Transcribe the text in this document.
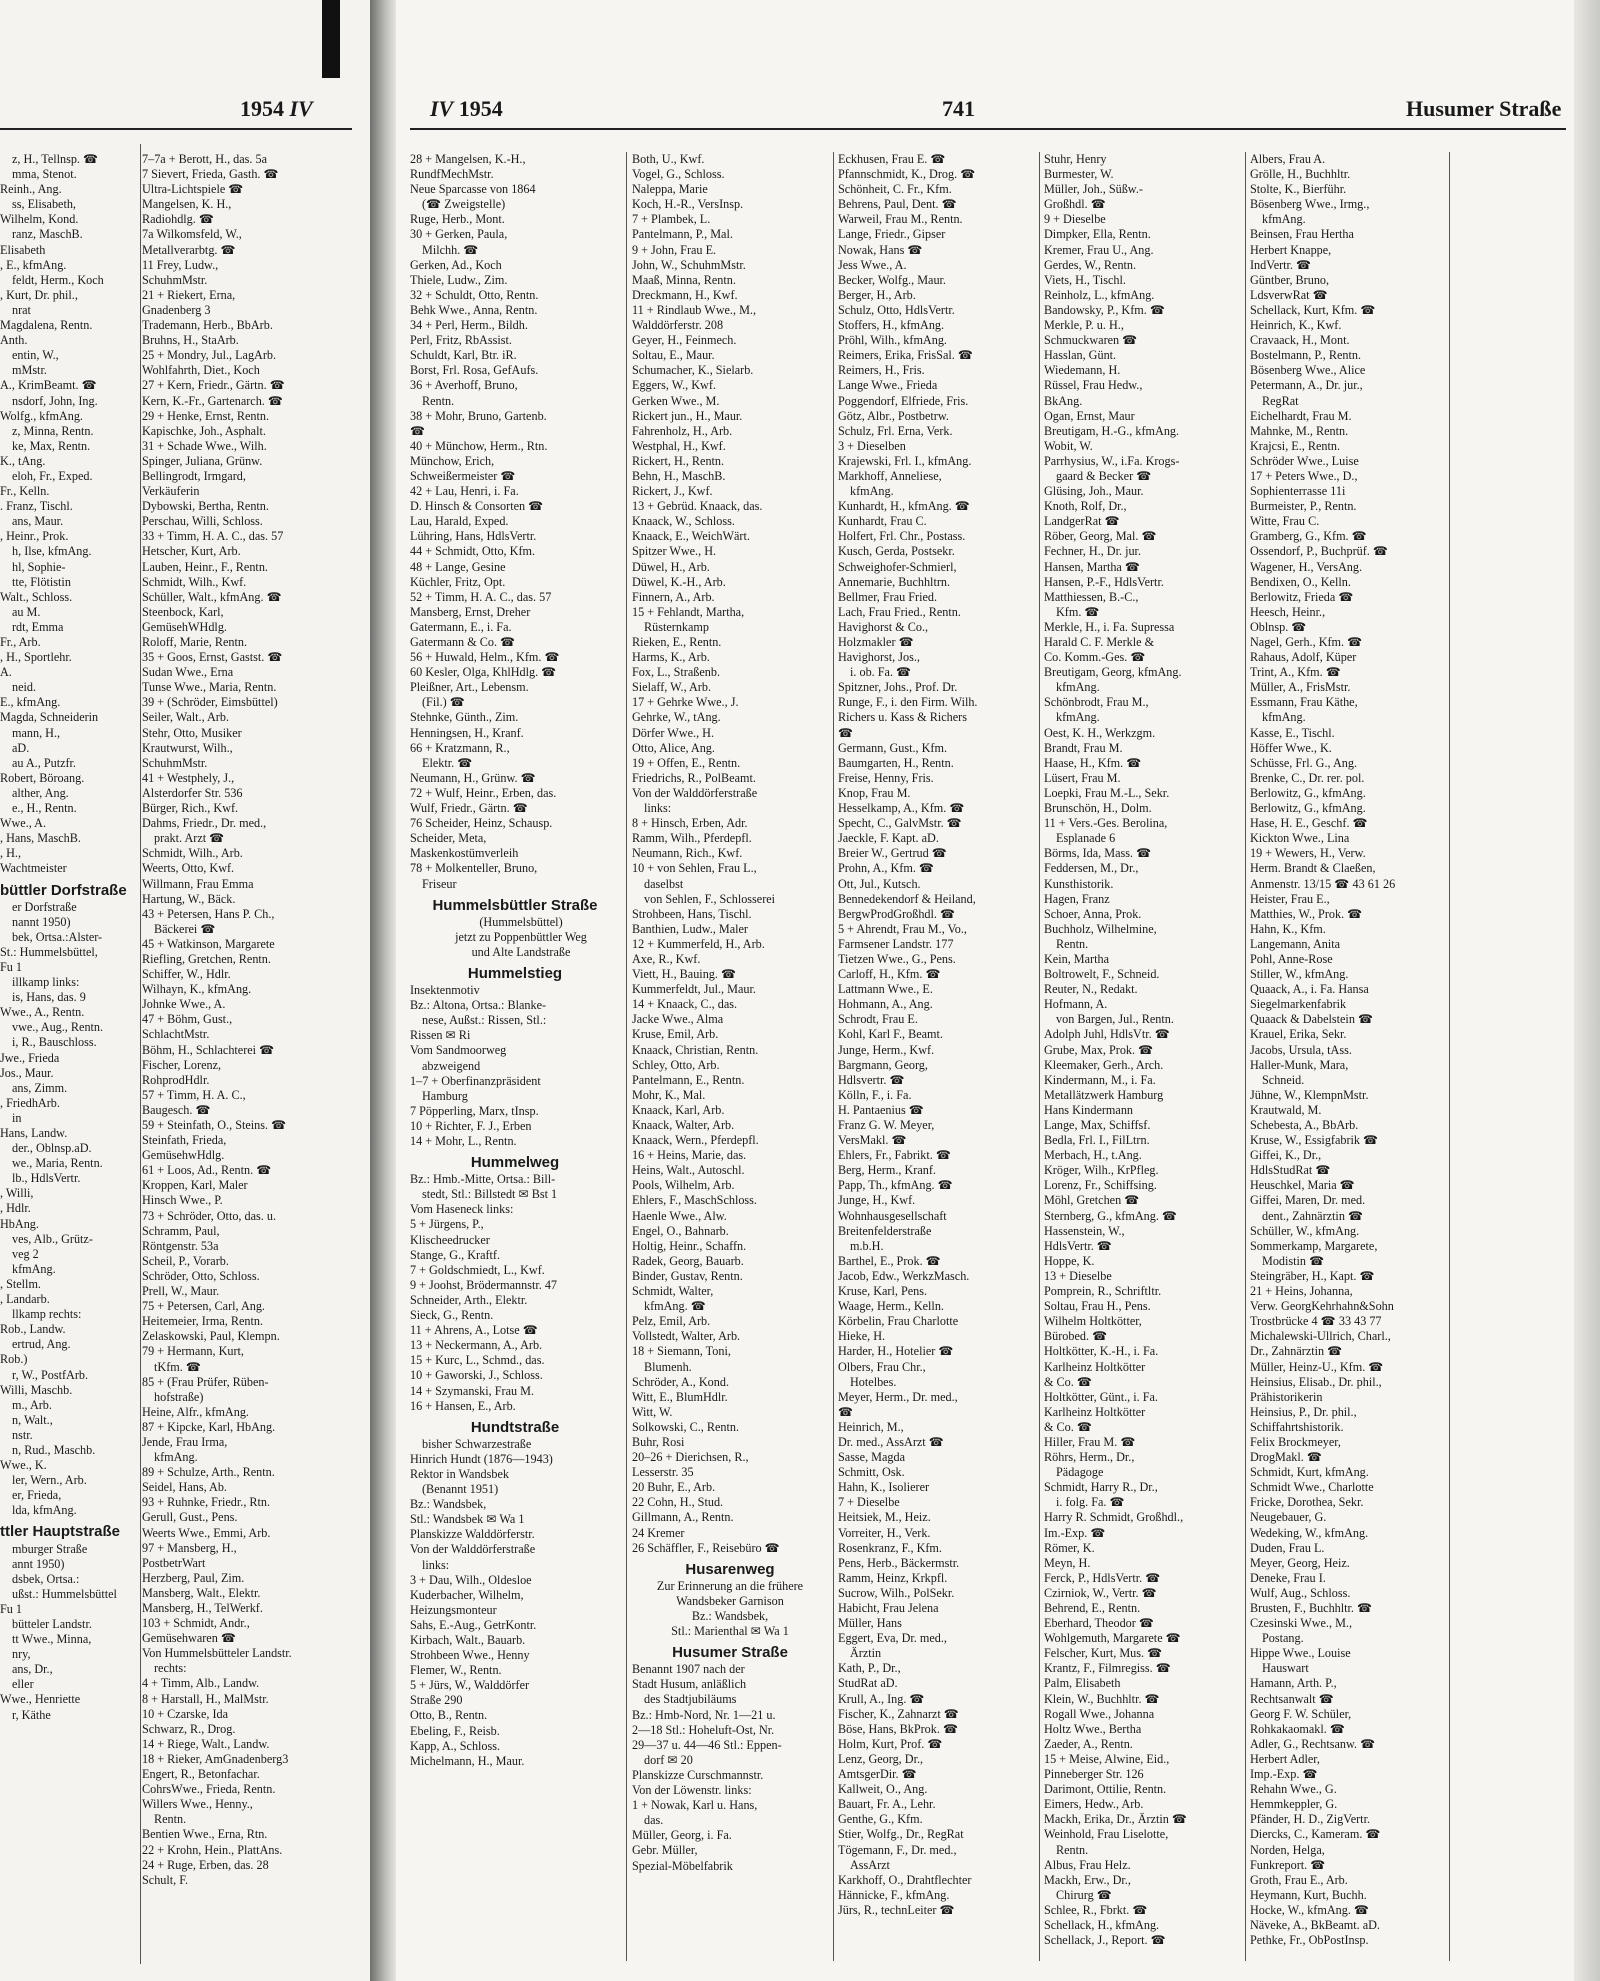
1954 IV
z, H., Tellnsp. ☎
mma, Stenot.
Reinh., Ang.
ss, Elisabeth,
Wilhelm, Kond.
ranz, MaschB.
Elisabeth
, E., kfmAng.
feldt, Herm., Koch
, Kurt, Dr. phil.,
nrat
Magdalena, Rentn.
Anth.
entin, W.,
mMstr.
A., KrimBeamt. ☎
nsdorf, John, Ing.
Wolfg., kfmAng.
z, Minna, Rentn.
ke, Max, Rentn.
K., tAng.
eloh, Fr., Exped.
Fr., Kelln.
. Franz, Tischl.
ans, Maur.
, Heinr., Prok.
h, Ilse, kfmAng.
hl, Sophie-
tte, Flötistin
Walt., Schloss.
au M.
rdt, Emma
Fr., Arb.
, H., Sportlehr.
A.
neid.
E., kfmAng.
Magda, Schneiderin
mann, H.,
aD.
au A., Putzfr.
Robert, Böroang.
alther, Ang.
e., H., Rentn.
Wwe., A.
, Hans, MaschB.
, H.,
Wachtmeister
büttler Dorfstraße
er Dorfstraße
nannt 1950)
bek, Ortsa.:Alster-
St.: Hummelsbüttel,
Fu 1
illkamp links:
is, Hans, das. 9
Wwe., A., Rentn.
vwe., Aug., Rentn.
i, R., Bauschloss.
Jwe., Frieda
Jos., Maur.
ans, Zimm.
, FriedhArb.
in
Hans, Landw.
der., Oblnsp.aD.
we., Maria, Rentn.
lb., HdlsVertr.
, Willi,
, Hdlr.
HbAng.
ves, Alb., Grütz-
veg 2
kfmAng.
, Stellm.
, Landarb.
llkamp rechts:
Rob., Landw.
ertrud, Ang.
Rob.)
r, W., PostfArb.
Willi, Maschb.
m., Arb.
n, Walt.,
nstr.
n, Rud., Maschb.
Wwe., K.
ler, Wern., Arb.
er, Frieda,
lda, kfmAng.
ttler Hauptstraße
mburger Straße
annt 1950)
dsbek, Ortsa.:
ußst.: Hummelsbüttel
Fu 1
bütteler Landstr.
tt Wwe., Minna,
nry,
ans, Dr.,
eller
Wwe., Henriette
r, Käthe
7–7a + Berott, H., das. 5a
7 Sievert, Frieda, Gasth. ☎
Ultra-Lichtspiele ☎
Mangelsen, K. H.,
Radiohdlg. ☎
7a Wilkomsfeld, W.,
Metallverarbtg. ☎
11 Frey, Ludw.,
SchuhmMstr.
21 + Riekert, Erna,
Gnadenberg 3
Trademann, Herb., BbArb.
Bruhns, H., StaArb.
25 + Mondry, Jul., LagArb.
Wohlfahrth, Diet., Koch
27 + Kern, Friedr., Gärtn. ☎
Kern, K.-Fr., Gartenarch. ☎
29 + Henke, Ernst, Rentn.
Kapischke, Joh., Asphalt.
31 + Schade Wwe., Wilh.
Spinger, Juliana, Grünw.
Bellingrodt, Irmgard,
Verkäuferin
Dybowski, Bertha, Rentn.
Perschau, Willi, Schloss.
33 + Timm, H. A. C., das. 57
Hetscher, Kurt, Arb.
Lauben, Heinr., F., Rentn.
Schmidt, Wilh., Kwf.
Schüller, Walt., kfmAng. ☎
Steenbock, Karl,
GemüsehWHdlg.
Roloff, Marie, Rentn.
35 + Goos, Ernst, Gastst. ☎
Sudan Wwe., Erna
Tunse Wwe., Maria, Rentn.
39 + (Schröder, Eimsbüttel)
Seiler, Walt., Arb.
Stehr, Otto, Musiker
Krautwurst, Wilh.,
SchuhmMstr.
41 + Westphely, J.,
Alsterdorfer Str. 536
Bürger, Rich., Kwf.
Dahms, Friedr., Dr. med.,
prakt. Arzt ☎
Schmidt, Wilh., Arb.
Weerts, Otto, Kwf.
Willmann, Frau Emma
Hartung, W., Bäck.
43 + Petersen, Hans P. Ch.,
Bäckerei ☎
45 + Watkinson, Margarete
Riefling, Gretchen, Rentn.
Schiffer, W., Hdlr.
Wilhayn, K., kfmAng.
Johnke Wwe., A.
47 + Böhm, Gust.,
SchlachtMstr.
Böhm, H., Schlachterei ☎
Fischer, Lorenz,
RohprodHdlr.
57 + Timm, H. A. C.,
Baugesch. ☎
59 + Steinfath, O., Steins. ☎
Steinfath, Frieda,
GemüsehwHdlg.
61 + Loos, Ad., Rentn. ☎
Kroppen, Karl, Maler
Hinsch Wwe., P.
73 + Schröder, Otto, das. u.
Schramm, Paul,
Röntgenstr. 53a
Scheil, P., Vorarb.
Schröder, Otto, Schloss.
Prell, W., Maur.
75 + Petersen, Carl, Ang.
Heitemeier, Irma, Rentn.
Zelaskowski, Paul, Klempn.
79 + Hermann, Kurt,
tKfm. ☎
85 + (Frau Prüfer, Rüben-
hofstraße)
Heine, Alfr., kfmAng.
87 + Kipcke, Karl, HbAng.
Jende, Frau Irma,
kfmAng.
89 + Schulze, Arth., Rentn.
Seidel, Hans, Ab.
93 + Ruhnke, Friedr., Rtn.
Gerull, Gust., Pens.
Weerts Wwe., Emmi, Arb.
97 + Mansberg, H.,
PostbetrWart
Herzberg, Paul, Zim.
Mansberg, Walt., Elektr.
Mansberg, H., TelWerkf.
103 + Schmidt, Andr.,
Gemüsehwaren ☎
Von Hummelsbütteler Landstr.
rechts:
4 + Timm, Alb., Landw.
8 + Harstall, H., MalMstr.
10 + Czarske, Ida
Schwarz, R., Drog.
14 + Riege, Walt., Landw.
18 + Rieker, AmGnadenberg3
Engert, R., Betonfachar.
CohrsWwe., Frieda, Rentn.
Willers Wwe., Henny.,
Rentn.
Bentien Wwe., Erna, Rtn.
22 + Krohn, Hein., PlattAns.
24 + Ruge, Erben, das. 28
Schult, F.
IV 1954	741	Husumer Straße
28 + Mangelsen, K.-H.,
RundfMechMstr.
Neue Sparcasse von 1864
(☎ Zweigstelle)
Ruge, Herb., Mont.
30 + Gerken, Paula,
Milchh. ☎
Gerken, Ad., Koch
Thiele, Ludw., Zim.
32 + Schuldt, Otto, Rentn.
Behk Wwe., Anna, Rentn.
34 + Perl, Herm., Bildh.
Perl, Fritz, RbAssist.
Schuldt, Karl, Btr. iR.
Borst, Frl. Rosa, GefAufs.
36 + Averhoff, Bruno,
Rentn.
38 + Mohr, Bruno, Gartenb.
☎
40 + Münchow, Herm., Rtn.
Münchow, Erich,
Schweißermeister ☎
42 + Lau, Henri, i. Fa.
D. Hinsch & Consorten ☎
Lau, Harald, Exped.
Lühring, Hans, HdlsVertr.
44 + Schmidt, Otto, Kfm.
48 + Lange, Gesine
Küchler, Fritz, Opt.
52 + Timm, H. A. C., das. 57
Mansberg, Ernst, Dreher
Gatermann, E., i. Fa.
Gatermann & Co. ☎
56 + Huwald, Helm., Kfm. ☎
60 Kesler, Olga, KhlHdlg. ☎
Pleißner, Art., Lebensm.
(Fil.) ☎
Stehnke, Günth., Zim.
Henningsen, H., Kranf.
66 + Kratzmann, R.,
Elektr. ☎
Neumann, H., Grünw. ☎
72 + Wulf, Heinr., Erben, das.
Wulf, Friedr., Gärtn. ☎
76 Scheider, Heinz, Schausp.
Scheider, Meta,
Maskenkostümverleih
78 + Molkenteller, Bruno,
Friseur
Hummelsbüttler Straße
(Hummelsbüttel)
jetzt zu Poppenbüttler Weg
und Alte Landstraße
Hummelstieg
Insektenmotiv
Bz.: Altona, Ortsa.: Blanke-
nese, Außst.: Rissen, Stl.:
Rissen ✉ Ri
Vom Sandmoorweg
abzweigend
1–7 + Oberfinanzpräsident
Hamburg
7 Pöpperling, Marx, tInsp.
10 + Richter, F. J., Erben
14 + Mohr, L., Rentn.
Hummelweg
Bz.: Hmb.-Mitte, Ortsa.: Bill-
stedt, Stl.: Billstedt ✉ Bst 1
Vom Haseneck links:
5 + Jürgens, P.,
Klischeedrucker
Stange, G., Kraftf.
7 + Goldschmiedt, L., Kwf.
9 + Joohst, Brödermannstr. 47
Schneider, Arth., Elektr.
Sieck, G., Rentn.
11 + Ahrens, A., Lotse ☎
13 + Neckermann, A., Arb.
15 + Kurc, L., Schmd., das.
10 + Gaworski, J., Schloss.
14 + Szymanski, Frau M.
16 + Hansen, E., Arb.
Hundtstraße
bisher Schwarzestraße
Hinrich Hundt (1876—1943)
Rektor in Wandsbek
(Benannt 1951)
Bz.: Wandsbek,
Stl.: Wandsbek ✉ Wa 1
Planskizze Walddörferstr.
Von der Walddörferstraße
links:
3 + Dau, Wilh., Oldesloe
Kuderbacher, Wilhelm,
Heizungsmonteur
Sahs, E.-Aug., GetrKontr.
Kirbach, Walt., Bauarb.
Strohbeen Wwe., Henny
Flemer, W., Rentn.
5 + Jürs, W., Walddörfer
Straße 290
Otto, B., Rentn.
Ebeling, F., Reisb.
Kapp, A., Schloss.
Michelmann, H., Maur.
Both, U., Kwf.
Vogel, G., Schloss.
Naleppa, Marie
Koch, H.-R., VersInsp.
7 + Plambek, L.
Pantelmann, P., Mal.
9 + John, Frau E.
John, W., SchuhmMstr.
Maaß, Minna, Rentn.
Dreckmann, H., Kwf.
11 + Rindlaub Wwe., M.,
Walddörferstr. 208
Geyer, H., Feinmech.
Soltau, E., Maur.
Schumacher, K., Sielarb.
Eggers, W., Kwf.
Gerken Wwe., M.
Rickert jun., H., Maur.
Fahrenholz, H., Arb.
Westphal, H., Kwf.
Rickert, H., Rentn.
Behn, H., MaschB.
Rickert, J., Kwf.
13 + Gebrüd. Knaack, das.
Knaack, W., Schloss.
Knaack, E., WeichWärt.
Spitzer Wwe., H.
Düwel, H., Arb.
Düwel, K.-H., Arb.
Finnern, A., Arb.
15 + Fehlandt, Martha,
Rüsternkamp
Rieken, E., Rentn.
Harms, K., Arb.
Fox, L., Straßenb.
Sielaff, W., Arb.
17 + Gehrke Wwe., J.
Gehrke, W., tAng.
Dörfer Wwe., H.
Otto, Alice, Ang.
19 + Offen, E., Rentn.
Friedrichs, R., PolBeamt.
Von der Walddörferstraße
links:
8 + Hinsch, Erben, Adr.
Ramm, Wilh., Pferdepfl.
Neumann, Rich., Kwf.
10 + von Sehlen, Frau L.,
daselbst
von Sehlen, F., Schlosserei
Strohbeen, Hans, Tischl.
Banthien, Ludw., Maler
12 + Kummerfeld, H., Arb.
Axe, R., Kwf.
Viett, H., Bauing. ☎
Kummerfeldt, Jul., Maur.
14 + Knaack, C., das.
Jacke Wwe., Alma
Kruse, Emil, Arb.
Knaack, Christian, Rentn.
Schley, Otto, Arb.
Pantelmann, E., Rentn.
Mohr, K., Mal.
Knaack, Karl, Arb.
Knaack, Walter, Arb.
Knaack, Wern., Pferdepfl.
16 + Heins, Marie, das.
Heins, Walt., Autoschl.
Pools, Wilhelm, Arb.
Ehlers, F., MaschSchloss.
Haenle Wwe., Alw.
Engel, O., Bahnarb.
Holtig, Heinr., Schaffn.
Radek, Georg, Bauarb.
Binder, Gustav, Rentn.
Schmidt, Walter,
kfmAng. ☎
Pelz, Emil, Arb.
Vollstedt, Walter, Arb.
18 + Siemann, Toni,
Blumenh.
Schröder, A., Kond.
Witt, E., BlumHdlr.
Witt, W.
Solkowski, C., Rentn.
Buhr, Rosi
20–26 + Dierichsen, R.,
Lesserstr. 35
20 Buhr, E., Arb.
22 Cohn, H., Stud.
Gillmann, A., Rentn.
24 Kremer
26 Schäffler, F., Reisebüro ☎
Husarenweg
Zur Erinnerung an die frühere
Wandsbeker Garnison
Bz.: Wandsbek,
Stl.: Marienthal ✉ Wa 1
Husumer Straße
Benannt 1907 nach der
Stadt Husum, anläßlich
des Stadtjubiläums
Bz.: Hmb-Nord, Nr. 1—21 u.
2—18 Stl.: Hoheluft-Ost, Nr.
29—37 u. 44—46 Stl.: Eppen-
dorf ✉ 20
Planskizze Curschmannstr.
Von der Löwenstr. links:
1 + Nowak, Karl u. Hans,
das.
Müller, Georg, i. Fa.
Gebr. Müller,
Spezial-Möbelfabrik
Eckhusen, Frau E. ☎
Pfannschmidt, K., Drog. ☎
Schönheit, C. Fr., Kfm.
Behrens, Paul, Dent. ☎
Warweil, Frau M., Rentn.
Lange, Friedr., Gipser
Nowak, Hans ☎
Jess Wwe., A.
Becker, Wolfg., Maur.
Berger, H., Arb.
Schulz, Otto, HdlsVertr.
Stoffers, H., kfmAng.
Pröhl, Wilh., kfmAng.
Reimers, Erika, FrisSal. ☎
Reimers, H., Fris.
Lange Wwe., Frieda
Poggendorf, Elfriede, Fris.
Götz, Albr., Postbetrw.
Schulz, Frl. Erna, Verk.
3 + Dieselben
Krajewski, Frl. I., kfmAng.
Markhoff, Anneliese,
kfmAng.
Kunhardt, H., kfmAng. ☎
Kunhardt, Frau C.
Holfert, Frl. Chr., Postass.
Kusch, Gerda, Postsekr.
Schweighofer-Schmierl,
Annemarie, Buchhltrn.
Bellmer, Frau Fried.
Lach, Frau Fried., Rentn.
Havighorst & Co.,
Holzmakler ☎
Havighorst, Jos.,
i. ob. Fa. ☎
Spitzner, Johs., Prof. Dr.
Runge, F., i. den Firm. Wilh.
Richers u. Kass & Richers
☎
Germann, Gust., Kfm.
Baumgarten, H., Rentn.
Freise, Henny, Fris.
Knop, Frau M.
Hesselkamp, A., Kfm. ☎
Specht, C., GalvMstr. ☎
Jaeckle, F. Kapt. aD.
Breier W., Gertrud ☎
Prohn, A., Kfm. ☎
Ott, Jul., Kutsch.
Bennedekendorf & Heiland,
BergwProdGroßhdl. ☎
5 + Ahrendt, Frau M., Vo.,
Farmsener Landstr. 177
Tietzen Wwe., G., Pens.
Carloff, H., Kfm. ☎
Lattmann Wwe., E.
Hohmann, A., Ang.
Schrodt, Frau E.
Kohl, Karl F., Beamt.
Junge, Herm., Kwf.
Bargmann, Georg,
Hdlsvertr. ☎
Kölln, F., i. Fa.
H. Pantaenius ☎
Franz G. W. Meyer,
VersMakl. ☎
Ehlers, Fr., Fabrikt. ☎
Berg, Herm., Kranf.
Papp, Th., kfmAng. ☎
Junge, H., Kwf.
Wohnhausgesellschaft
Breitenfelderstraße
m.b.H.
Barthel, E., Prok. ☎
Jacob, Edw., WerkzMasch.
Kruse, Karl, Pens.
Waage, Herm., Kelln.
Körbelin, Frau Charlotte
Hieke, H.
Harder, H., Hotelier ☎
Olbers, Frau Chr.,
Hotelbes.
Meyer, Herm., Dr. med.,
☎
Heinrich, M.,
Dr. med., AssArzt ☎
Sasse, Magda
Schmitt, Osk.
Hahn, K., Isolierer
7 + Dieselbe
Heitsiek, M., Heiz.
Vorreiter, H., Verk.
Rosenkranz, F., Kfm.
Pens, Herb., Bäckermstr.
Ramm, Heinz, Krkpfl.
Sucrow, Wilh., PolSekr.
Habicht, Frau Jelena
Müller, Hans
Eggert, Eva, Dr. med.,
Ärztin
Kath, P., Dr.,
StudRat aD.
Krull, A., Ing. ☎
Fischer, K., Zahnarzt ☎
Böse, Hans, BkProk. ☎
Holm, Kurt, Prof. ☎
Lenz, Georg, Dr.,
AmtsgerDir. ☎
Kallweit, O., Ang.
Bauart, Fr. A., Lehr.
Genthe, G., Kfm.
Stier, Wolfg., Dr., RegRat
Tögemann, F., Dr. med.,
AssArzt
Karkhoff, O., Drahtflechter
Hännicke, F., kfmAng.
Jürs, R., technLeiter ☎
Stuhr, Henry
Burmester, W.
Müller, Joh., Süßw.-
Großhdl. ☎
9 + Dieselbe
Dimpker, Ella, Rentn.
Kremer, Frau U., Ang.
Gerdes, W., Rentn.
Viets, H., Tischl.
Reinholz, L., kfmAng.
Bandowsky, P., Kfm. ☎
Merkle, P. u. H.,
Schmuckwaren ☎
Hasslan, Günt.
Wiedemann, H.
Rüssel, Frau Hedw.,
BkAng.
Ogan, Ernst, Maur
Breutigam, H.-G., kfmAng.
Wobit, W.
Parrhysius, W., i.Fa. Krogs-
gaard & Becker ☎
Glüsing, Joh., Maur.
Knoth, Rolf, Dr.,
LandgerRat ☎
Röber, Georg, Mal. ☎
Fechner, H., Dr. jur.
Hansen, Martha ☎
Hansen, P.-F., HdlsVertr.
Matthiessen, B.-C.,
Kfm. ☎
Merkle, H., i. Fa. Supressa
Harald C. F. Merkle &
Co. Komm.-Ges. ☎
Breutigam, Georg, kfmAng.
kfmAng.
Schönbrodt, Frau M.,
kfmAng.
Oest, K. H., Werkzgm.
Brandt, Frau M.
Haase, H., Kfm. ☎
Lüsert, Frau M.
Loepki, Frau M.-L., Sekr.
Brunschön, H., Dolm.
11 + Vers.-Ges. Berolina,
Esplanade 6
Börms, Ida, Mass. ☎
Feddersen, M., Dr.,
Kunsthistorik.
Hagen, Franz
Schoer, Anna, Prok.
Buchholz, Wilhelmine,
Rentn.
Kein, Martha
Boltrowelt, F., Schneid.
Reuter, N., Redakt.
Hofmann, A.
von Bargen, Jul., Rentn.
Adolph Juhl, HdlsVtr. ☎
Grube, Max, Prok. ☎
Kleemaker, Gerh., Arch.
Kindermann, M., i. Fa.
Metallätzwerk Hamburg
Hans Kindermann
Lange, Max, Schiffsf.
Bedla, Frl. I., FilLtrn.
Merbach, H., t.Ang.
Kröger, Wilh., KrPfleg.
Lorenz, Fr., Schiffsing.
Möhl, Gretchen ☎
Sternberg, G., kfmAng. ☎
Hassenstein, W.,
HdlsVertr. ☎
Hoppe, K.
13 + Dieselbe
Pomprein, R., Schriftltr.
Soltau, Frau H., Pens.
Wilhelm Holtkötter,
Bürobed. ☎
Holtkötter, K.-H., i. Fa.
Karlheinz Holtkötter
& Co. ☎
Holtkötter, Günt., i. Fa.
Karlheinz Holtkötter
& Co. ☎
Hiller, Frau M. ☎
Röhrs, Herm., Dr.,
Pädagoge
Schmidt, Harry R., Dr.,
i. folg. Fa. ☎
Harry R. Schmidt, Großhdl.,
Im.-Exp. ☎
Römer, K.
Meyn, H.
Ferck, P., HdlsVertr. ☎
Czirniok, W., Vertr. ☎
Behrend, E., Rentn.
Eberhard, Theodor ☎
Wohlgemuth, Margarete ☎
Felscher, Kurt, Mus. ☎
Krantz, F., Filmregiss. ☎
Palm, Elisabeth
Klein, W., Buchhltr. ☎
Rogall Wwe., Johanna
Holtz Wwe., Bertha
Zaeder, A., Rentn.
15 + Meise, Alwine, Eid.,
Pinneberger Str. 126
Darimont, Ottilie, Rentn.
Eimers, Hedw., Arb.
Mackh, Erika, Dr., Ärztin ☎
Weinhold, Frau Liselotte,
Rentn.
Albus, Frau Helz.
Mackh, Erw., Dr.,
Chirurg ☎
Schlee, R., Fbrkt. ☎
Schellack, H., kfmAng.
Schellack, J., Report. ☎
Albers, Frau A.
Grölle, H., Buchhltr.
Stolte, K., Bierführ.
Bösenberg Wwe., Irmg.,
kfmAng.
Beinsen, Frau Hertha
Herbert Knappe,
IndVertr. ☎
Güntber, Bruno,
LdsverwRat ☎
Schellack, Kurt, Kfm. ☎
Heinrich, K., Kwf.
Cravaack, H., Mont.
Bostelmann, P., Rentn.
Bösenberg Wwe., Alice
Petermann, A., Dr. jur.,
RegRat
Eichelhardt, Frau M.
Mahnke, M., Rentn.
Krajcsi, E., Rentn.
Schröder Wwe., Luise
17 + Peters Wwe., D.,
Sophienterrasse 11i
Burmeister, P., Rentn.
Witte, Frau C.
Gramberg, G., Kfm. ☎
Ossendorf, P., Buchprüf. ☎
Wagener, H., VersAng.
Bendixen, O., Kelln.
Berlowitz, Frieda ☎
Heesch, Heinr.,
Oblnsp. ☎
Nagel, Gerh., Kfm. ☎
Rahaus, Adolf, Küper
Trint, A., Kfm. ☎
Müller, A., FrisMstr.
Essmann, Frau Käthe,
kfmAng.
Kasse, E., Tischl.
Höffer Wwe., K.
Schüsse, Frl. G., Ang.
Brenke, C., Dr. rer. pol.
Berlowitz, G., kfmAng.
Berlowitz, G., kfmAng.
Hase, H. E., Geschf. ☎
Kickton Wwe., Lina
19 + Wewers, H., Verw.
Herm. Brandt & Claeßen,
Anmenstr. 13/15 ☎ 43 61 26
Heister, Frau E.,
Matthies, W., Prok. ☎
Hahn, K., Kfm.
Langemann, Anita
Pohl, Anne-Rose
Stiller, W., kfmAng.
Quaack, A., i. Fa. Hansa
Siegelmarkenfabrik
Quaack & Dabelstein ☎
Krauel, Erika, Sekr.
Jacobs, Ursula, tAss.
Haller-Munk, Mara,
Schneid.
Jühne, W., KlempnMstr.
Krautwald, M.
Schebesta, A., BbArb.
Kruse, W., Essigfabrik ☎
Giffei, K., Dr.,
HdlsStudRat ☎
Heuschkel, Maria ☎
Giffei, Maren, Dr. med.
dent., Zahnärztin ☎
Schüller, W., kfmAng.
Sommerkamp, Margarete,
Modistin ☎
Steingräber, H., Kapt. ☎
21 + Heins, Johanna,
Verw. GeorgKehrhahn&Sohn
Trostbrücke 4 ☎ 33 43 77
Michalewski-Ullrich, Charl.,
Dr., Zahnärztin ☎
Müller, Heinz-U., Kfm. ☎
Heinsius, Elisab., Dr. phil.,
Prähistorikerin
Heinsius, P., Dr. phil.,
Schiffahrtshistorik.
Felix Brockmeyer,
DrogMakl. ☎
Schmidt, Kurt, kfmAng.
Schmidt Wwe., Charlotte
Fricke, Dorothea, Sekr.
Neugebauer, G.
Wedeking, W., kfmAng.
Duden, Frau L.
Meyer, Georg, Heiz.
Deneke, Frau I.
Wulf, Aug., Schloss.
Brusten, F., Buchhltr. ☎
Czesinski Wwe., M.,
Postang.
Hippe Wwe., Louise
Hauswart
Hamann, Arth. P.,
Rechtsanwalt ☎
Georg F. W. Schüler,
Rohkakaomakl. ☎
Adler, G., Rechtsanw. ☎
Herbert Adler,
Imp.-Exp. ☎
Rehahn Wwe., G.
Hemmkeppler, G.
Pfänder, H. D., ZigVertr.
Diercks, C., Kameram. ☎
Norden, Helga,
Funkreport. ☎
Groth, Frau E., Arb.
Heymann, Kurt, Buchh.
Hocke, W., kfmAng. ☎
Näveke, A., BkBeamt. aD.
Pethke, Fr., ObPostInsp.
